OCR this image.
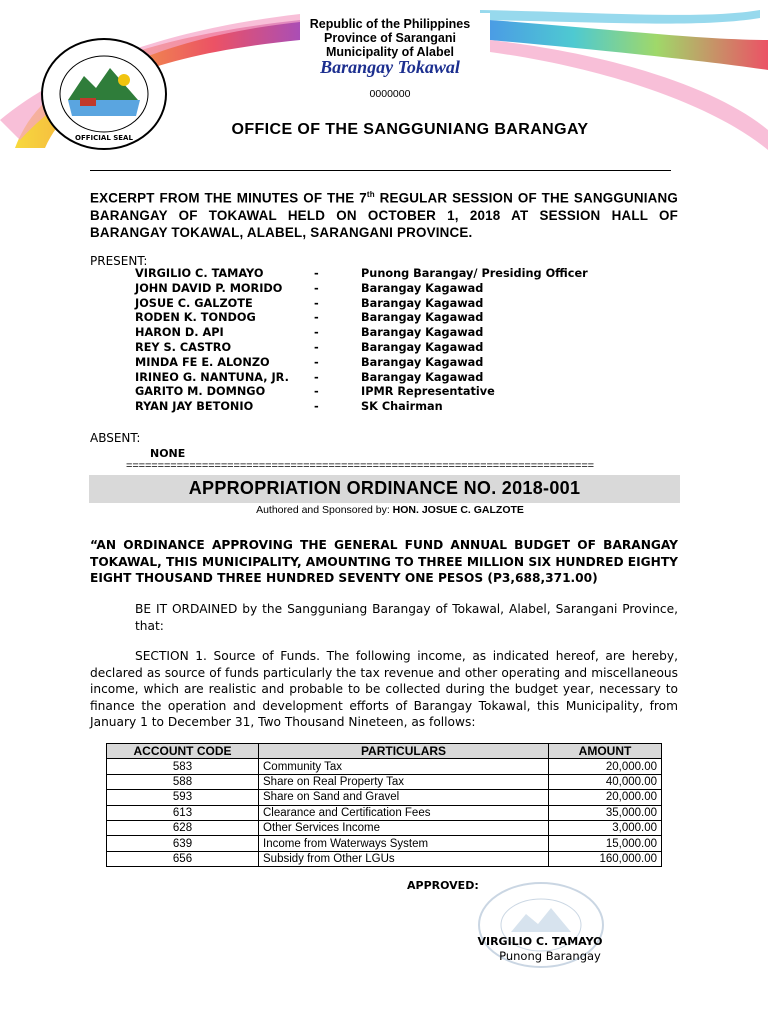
OFFICIAL SEAL
Republic of the Philippines
Province of Sarangani
Municipality of Alabel
Barangay Tokawal
0000000
OFFICE OF THE SANGGUNIANG BARANGAY
EXCERPT FROM THE MINUTES OF THE 7th REGULAR SESSION OF THE SANGGUNIANG BARANGAY OF TOKAWAL HELD ON OCTOBER 1, 2018 AT SESSION HALL OF BARANGAY TOKAWAL, ALABEL, SARANGANI PROVINCE.
PRESENT:
VIRGILIO C. TAMAYO	-	Punong Barangay/ Presiding Officer
JOHN DAVID P. MORIDO	-	Barangay Kagawad
JOSUE C. GALZOTE	-	Barangay Kagawad
RODEN K. TONDOG	-	Barangay Kagawad
HARON D. API	-	Barangay Kagawad
REY S. CASTRO	-	Barangay Kagawad
MINDA FE E. ALONZO	-	Barangay Kagawad
IRINEO G. NANTUNA, JR. -	Barangay Kagawad
GARITO M. DOMNGO	-	IPMR Representative
RYAN JAY BETONIO	-	SK Chairman
ABSENT:
NONE
==========================================================================
APPROPRIATION ORDINANCE NO. 2018-001
Authored and Sponsored by: HON. JOSUE C. GALZOTE
“AN ORDINANCE APPROVING THE GENERAL FUND ANNUAL BUDGET OF BARANGAY TOKAWAL, THIS MUNICIPALITY, AMOUNTING TO THREE MILLION SIX HUNDRED EIGHTY EIGHT THOUSAND THREE HUNDRED SEVENTY ONE PESOS (P3,688,371.00)
BE IT ORDAINED by the Sangguniang Barangay of Tokawal, Alabel, Sarangani Province, that:
SECTION 1. Source of Funds. The following income, as indicated hereof, are hereby, declared as source of funds particularly the tax revenue and other operating and miscellaneous income, which are realistic and probable to be collected during the budget year, necessary to finance the operation and development efforts of Barangay Tokawal, this Municipality, from January 1 to December 31, Two Thousand Nineteen, as follows:
ACCOUNT CODE	PARTICULARS	AMOUNT
583	Community Tax	20,000.00
588	Share on Real Property Tax	40,000.00
593	Share on Sand and Gravel	20,000.00
613	Clearance and Certification Fees	35,000.00
628	Other Services Income	3,000.00
639	Income from Waterways System	15,000.00
656	Subsidy from Other LGUs	160,000.00
APPROVED:
VIRGILIO C. TAMAYO
Punong Barangay
